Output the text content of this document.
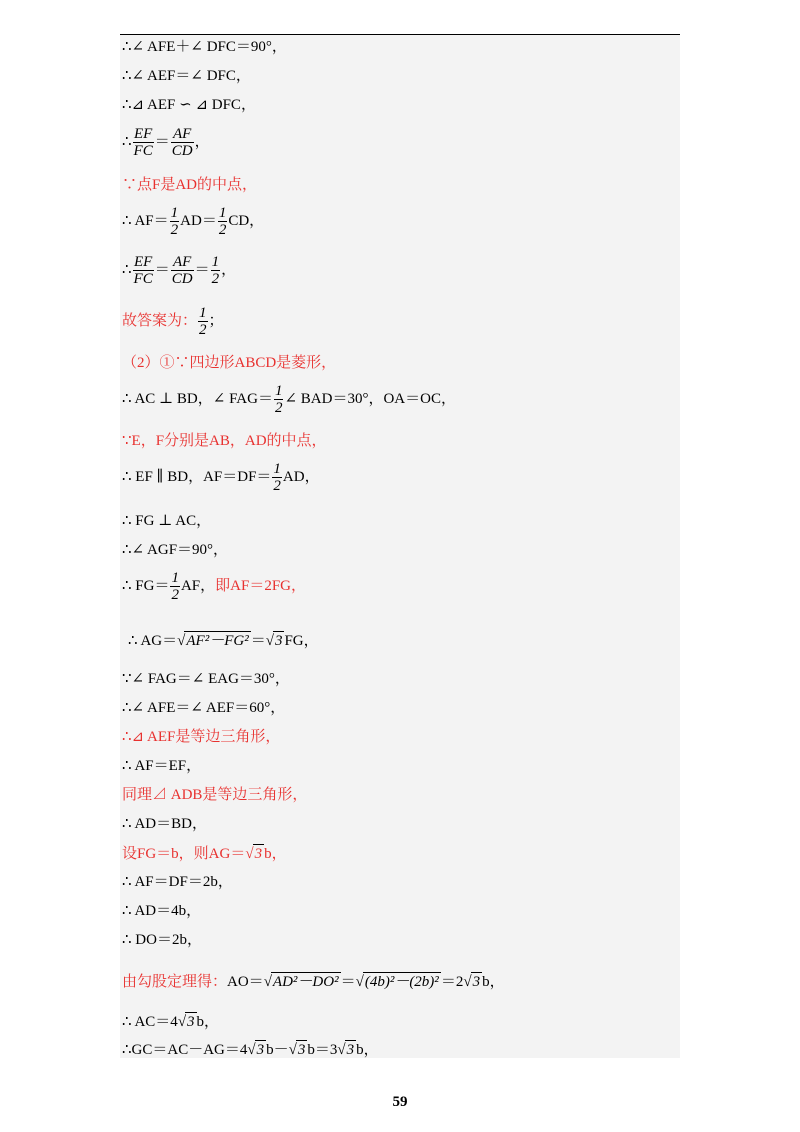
∴∠ AFE＋∠ DFC＝90°，
∴∠ AEF＝∠ DFC，
∴⊿ AEF ∽ ⊿ DFC，
∴ $\frac{EF}{FC} = \frac{AF}{CD}$ ，
∵点F是AD的中点，
∴ $AF= \frac{1}{2} AD= \frac{1}{2}$ CD，
∴ $\frac{EF}{FC} = \frac{AF}{CD} = \frac{1}{2}$ ，
故答案为： $\frac{1}{2}$ ；
（2）①∵四边形ABCD是菱形，
∴ AC ⊥ BD，∠ $FAG= \frac{1}{2}$ ∠ BAD＝30°，OA＝OC，
∵E，F分别是AB，AD的中点，
∴ EF ∥ BD，$AF=DF= \frac{1}{2}$ AD，
∴ FG ⊥ AC，
∴∠ AGF＝90°，
∴ $FG= \frac{1}{2}$ AF，即AF＝2FG，
∴ AG＝√AF²－FG² ＝√3 FG，
∵∠ FAG＝∠ EAG＝30°，
∴∠ AFE＝∠ AEF＝60°，
∴⊿ AEF是等边三角形，
∴ AF＝EF，
同理⊿ ADB是等边三角形，
∴ AD＝BD，
设FG＝b，则AG＝√3 b，
∴ AF＝DF＝2b，
∴ AD＝4b，
∴ DO＝2b，
由勾股定理得：AO＝√AD²－DO² ＝√(4b)²－(2b)² ＝2√3 b，
∴ AC＝4√3 b，
∴GC＝AC－AG＝4√3 b－√3 b＝3√3 b，
59
